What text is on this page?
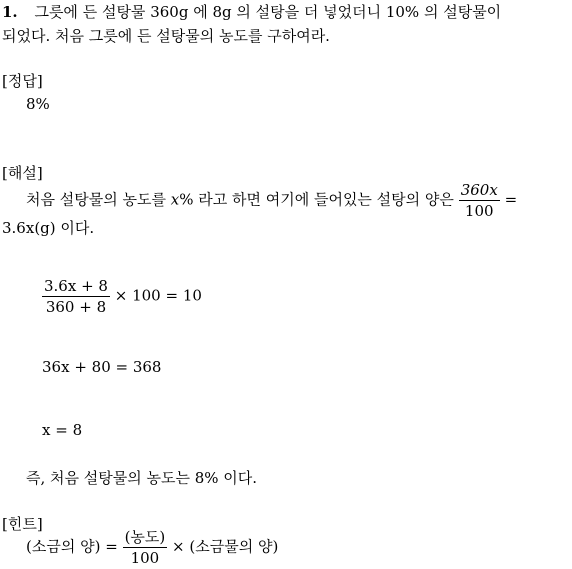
1. 그릇에 든 설탕물 360g 에 8g 의 설탕을 더 넣었더니 10% 의 설탕물이
되었다. 처음 그릇에 든 설탕물의 농도를 구하여라.
[정답]
8%
[해설]
처음 설탕물의 농도를 x% 라고 하면 여기에 들어있는 설탕의 양은 $\frac{360x}{100}$ =
3.6x(g) 이다.
$\frac{3.6x + 8}{360 + 8} \times 100 = 10$
36x + 80 = 368
x = 8
즉, 처음 설탕물의 농도는 8% 이다.
[힌트]
(소금의 양) = $\frac{\text{(농도)}}{100}$ × (소금물의 양)
